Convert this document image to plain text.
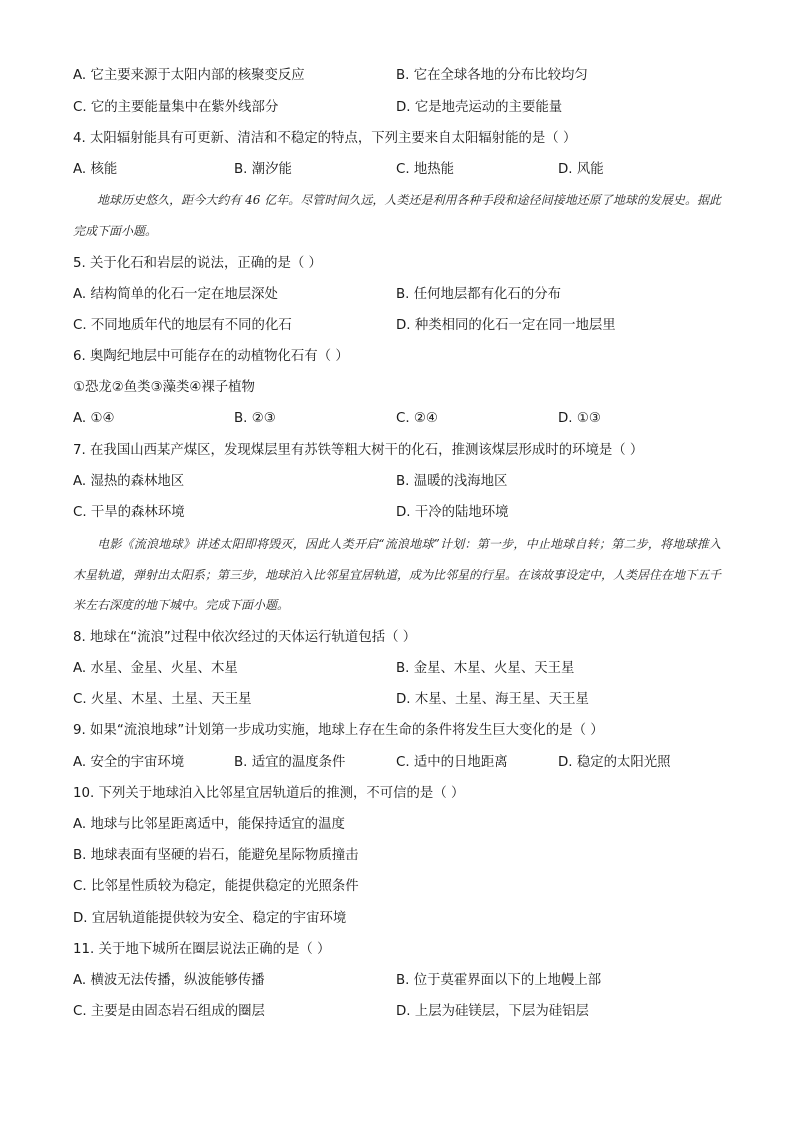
A. 它主要来源于太阳内部的核聚变反应	B. 它在全球各地的分布比较均匀
C. 它的主要能量集中在紫外线部分	D. 它是地壳运动的主要能量
4. 太阳辐射能具有可更新、清洁和不稳定的特点，下列主要来自太阳辐射能的是（ ）
A. 核能	B. 潮汐能	C. 地热能	D. 风能
地球历史悠久，距今大约有 46 亿年。尽管时间久远，人类还是利用各种手段和途径间接地还原了地球的发展史。据此完成下面小题。
5. 关于化石和岩层的说法，正确的是（ ）
A. 结构简单的化石一定在地层深处	B. 任何地层都有化石的分布
C. 不同地质年代的地层有不同的化石	D. 种类相同的化石一定在同一地层里
6. 奥陶纪地层中可能存在的动植物化石有（ ）
①恐龙②鱼类③藻类④裸子植物
A. ①④	B. ②③	C. ②④	D. ①③
7. 在我国山西某产煤区，发现煤层里有苏铁等粗大树干的化石，推测该煤层形成时的环境是（ ）
A. 湿热的森林地区	B. 温暖的浅海地区
C. 干旱的森林环境	D. 干冷的陆地环境
电影《流浪地球》讲述太阳即将毁灭，因此人类开启“流浪地球”计划：第一步，中止地球自转；第二步，将地球推入木星轨道，弹射出太阳系；第三步，地球泊入比邻星宜居轨道，成为比邻星的行星。在该故事设定中，人类居住在地下五千米左右深度的地下城中。完成下面小题。
8. 地球在“流浪”过程中依次经过的天体运行轨道包括（ ）
A. 水星、金星、火星、木星	B. 金星、木星、火星、天王星
C. 火星、木星、土星、天王星	D. 木星、土星、海王星、天王星
9. 如果“流浪地球”计划第一步成功实施，地球上存在生命的条件将发生巨大变化的是（ ）
A. 安全的宇宙环境	B. 适宜的温度条件	C. 适中的日地距离	D. 稳定的太阳光照
10. 下列关于地球泊入比邻星宜居轨道后的推测，不可信的是（ ）
A. 地球与比邻星距离适中，能保持适宜的温度
B. 地球表面有坚硬的岩石，能避免星际物质撞击
C. 比邻星性质较为稳定，能提供稳定的光照条件
D. 宜居轨道能提供较为安全、稳定的宇宙环境
11. 关于地下城所在圈层说法正确的是（ ）
A. 横波无法传播，纵波能够传播	B. 位于莫霍界面以下的上地幔上部
C. 主要是由固态岩石组成的圈层	D. 上层为硅镁层，下层为硅铝层
